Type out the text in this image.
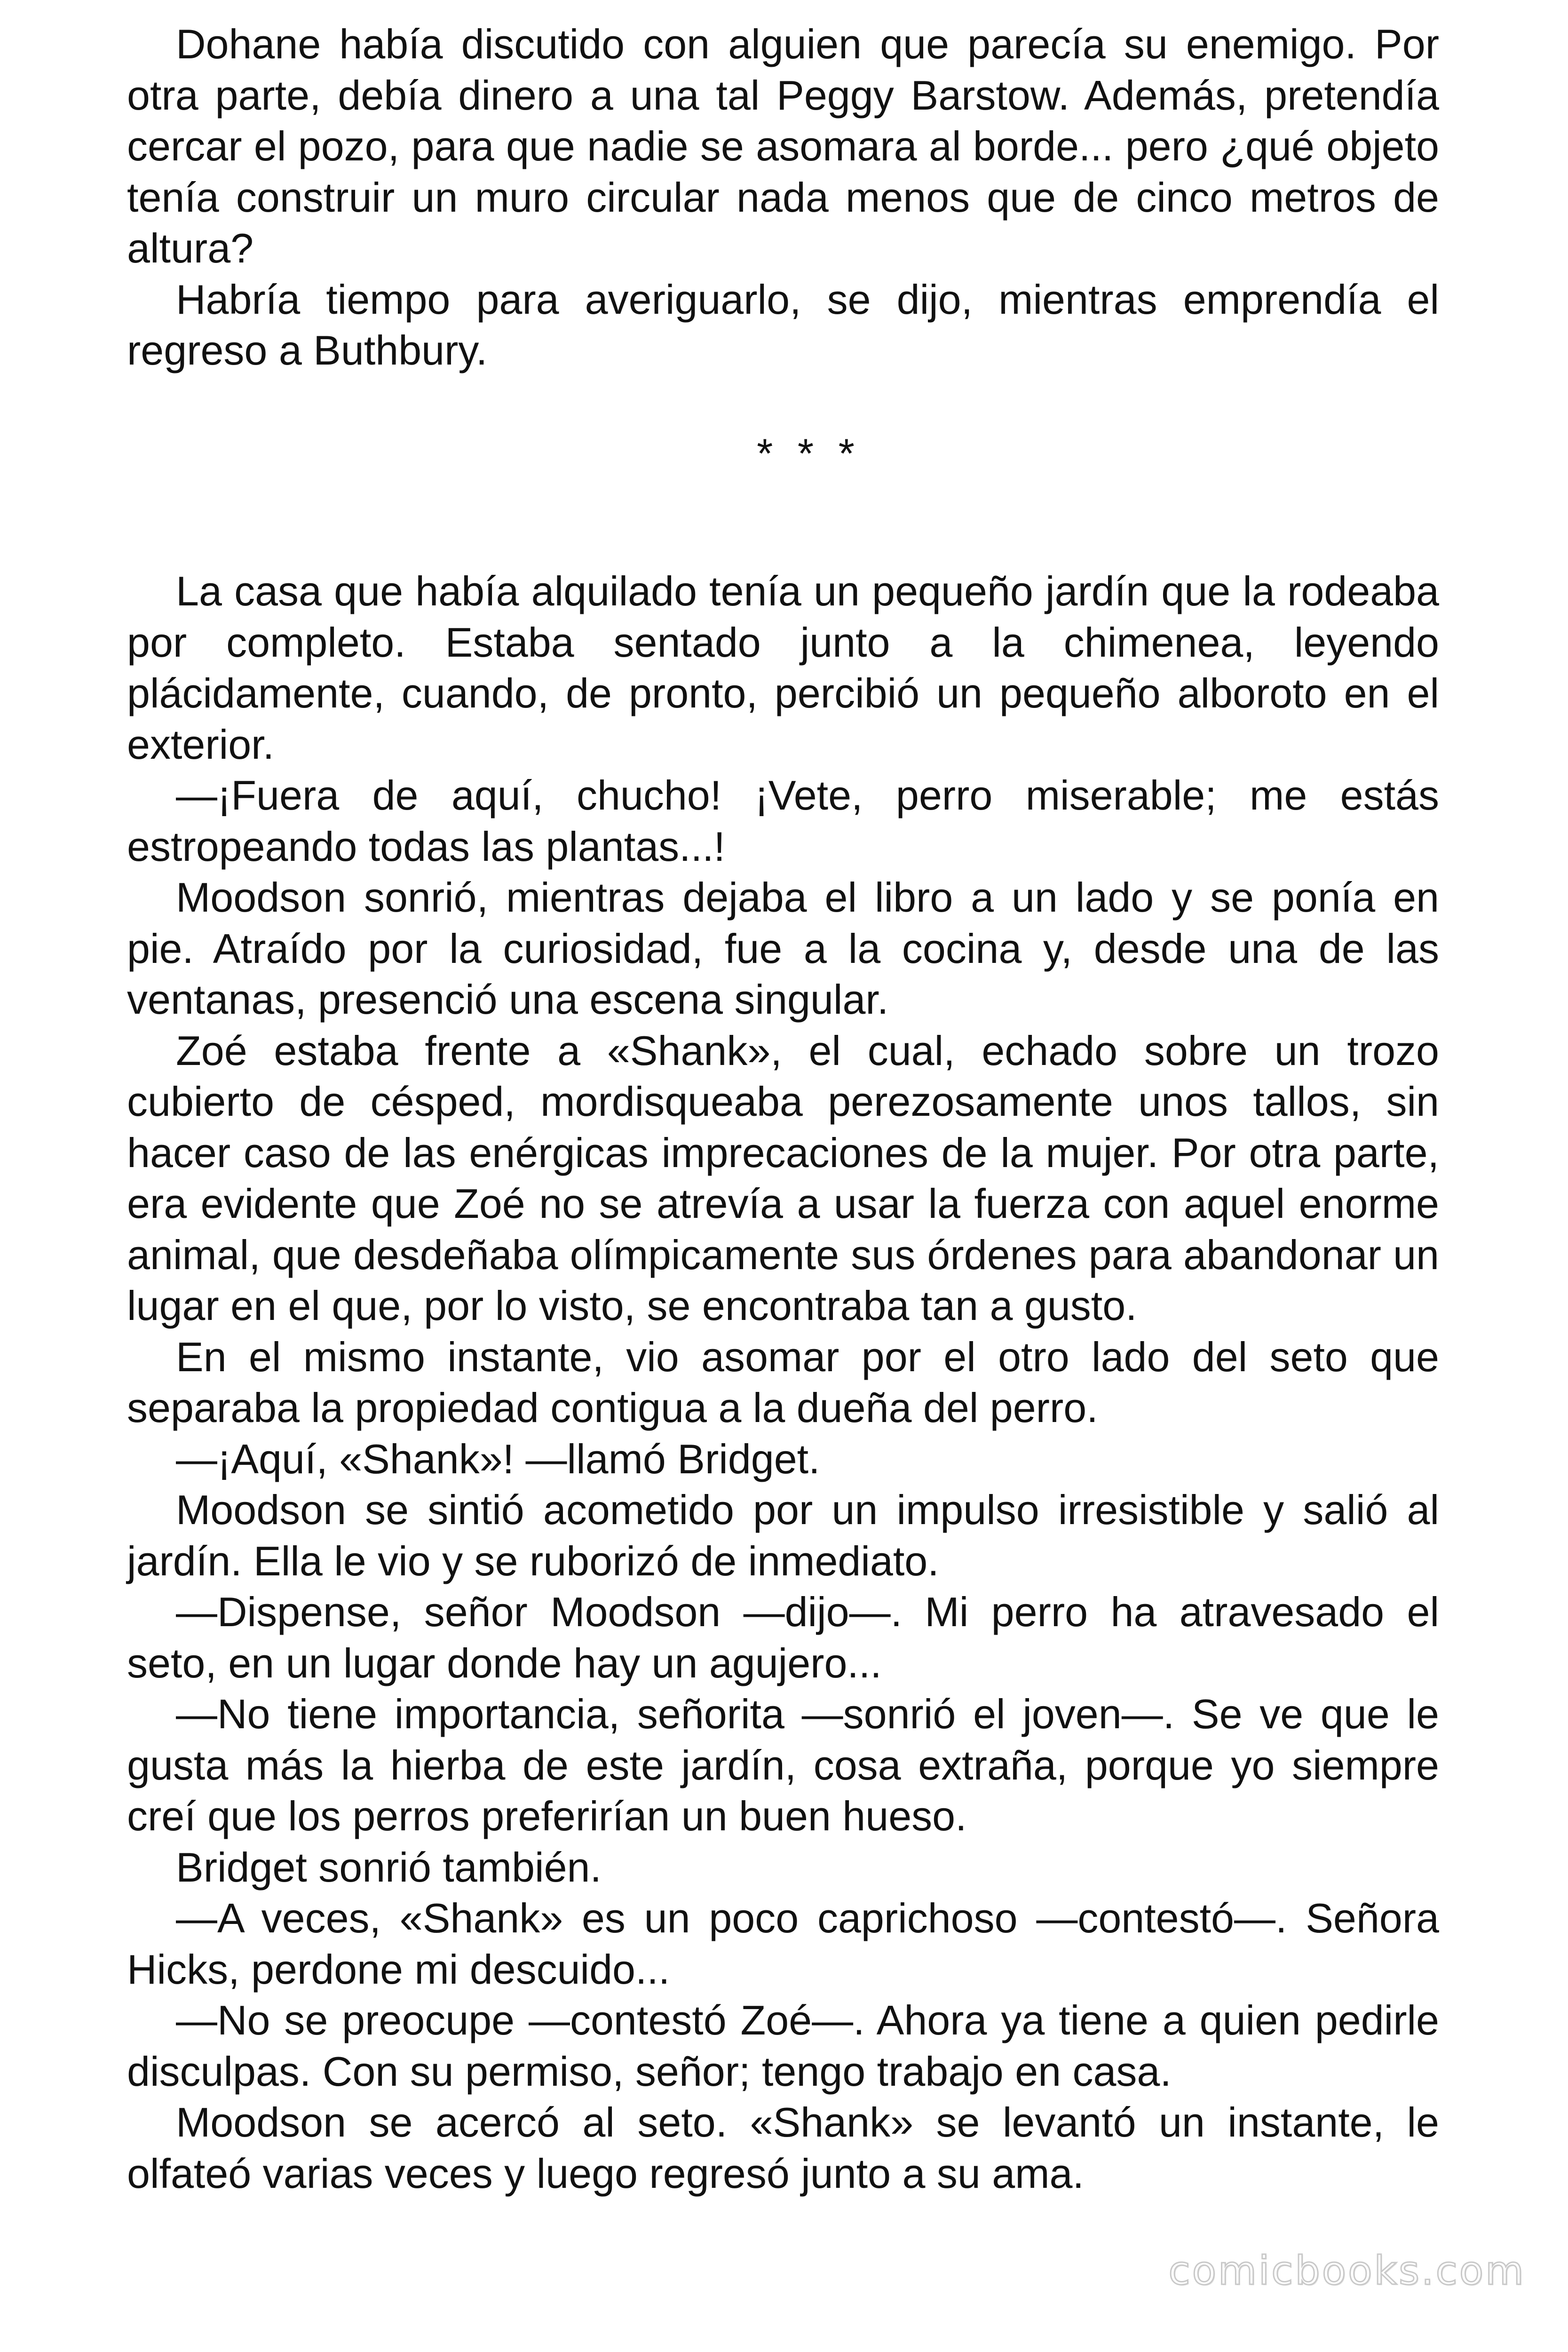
Dohane había discutido con alguien que parecía su enemigo. Por otra parte, debía dinero a una tal Peggy Barstow. Además, pretendía cercar el pozo, para que nadie se asomara al borde... pero ¿qué objeto tenía construir un muro circular nada menos que de cinco metros de altura?

Habría tiempo para averiguarlo, se dijo, mientras emprendía el regreso a Buthbury.

* * *

La casa que había alquilado tenía un pequeño jardín que la rodeaba por completo. Estaba sentado junto a la chimenea, leyendo plácidamente, cuando, de pronto, percibió un pequeño alboroto en el exterior.

—¡Fuera de aquí, chucho! ¡Vete, perro miserable; me estás estropeando todas las plantas...!

Moodson sonrió, mientras dejaba el libro a un lado y se ponía en pie. Atraído por la curiosidad, fue a la cocina y, desde una de las ventanas, presenció una escena singular.

Zoé estaba frente a «Shank», el cual, echado sobre un trozo cubierto de césped, mordisqueaba perezosamente unos tallos, sin hacer caso de las enérgicas imprecaciones de la mujer. Por otra parte, era evidente que Zoé no se atrevía a usar la fuerza con aquel enorme animal, que desdeñaba olímpicamente sus órdenes para abandonar un lugar en el que, por lo visto, se encontraba tan a gusto.

En el mismo instante, vio asomar por el otro lado del seto que separaba la propiedad contigua a la dueña del perro.

—¡Aquí, «Shank»! —llamó Bridget.

Moodson se sintió acometido por un impulso irresistible y salió al jardín. Ella le vio y se ruborizó de inmediato.

—Dispense, señor Moodson —dijo—. Mi perro ha atravesado el seto, en un lugar donde hay un agujero...

—No tiene importancia, señorita —sonrió el joven—. Se ve que le gusta más la hierba de este jardín, cosa extraña, porque yo siempre creí que los perros preferirían un buen hueso.

Bridget sonrió también.

—A veces, «Shank» es un poco caprichoso —contestó—. Señora Hicks, perdone mi descuido...

—No se preocupe —contestó Zoé—. Ahora ya tiene a quien pedirle disculpas. Con su permiso, señor; tengo trabajo en casa.

Moodson se acercó al seto. «Shank» se levantó un instante, le olfateó varias veces y luego regresó junto a su ama.

comicbooks.com
